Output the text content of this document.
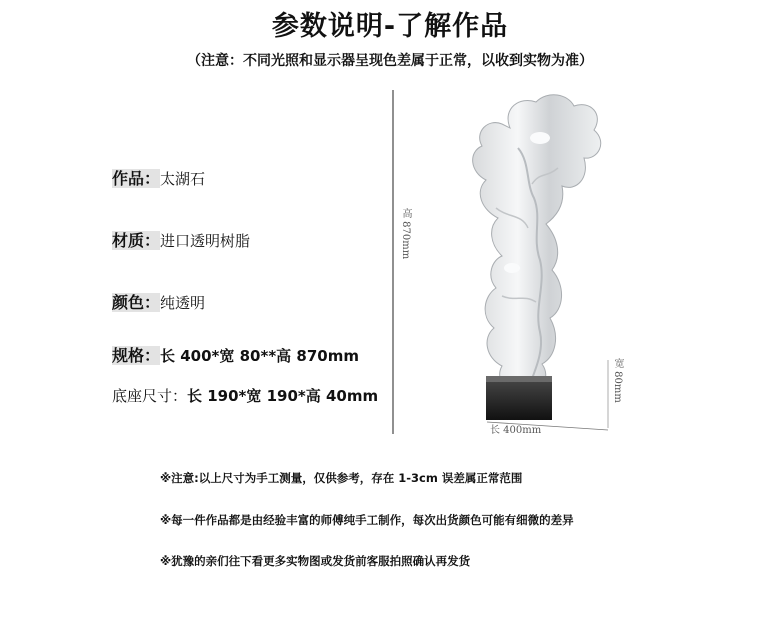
参数说明-了解作品
（注意：不同光照和显示器呈现色差属于正常，以收到实物为准）
作品：太湖石
材质：进口透明树脂
颜色：纯透明
规格：长 400*宽 80**高 870mm
底座尺寸：长 190*宽 190*高 40mm
高 870mm
宽 80mm
长 400mm
※注意:以上尺寸为手工测量，仅供参考，存在 1-3cm 误差属正常范围
※每一件作品都是由经验丰富的师傅纯手工制作，每次出货颜色可能有细微的差异
※犹豫的亲们往下看更多实物图或发货前客服拍照确认再发货
